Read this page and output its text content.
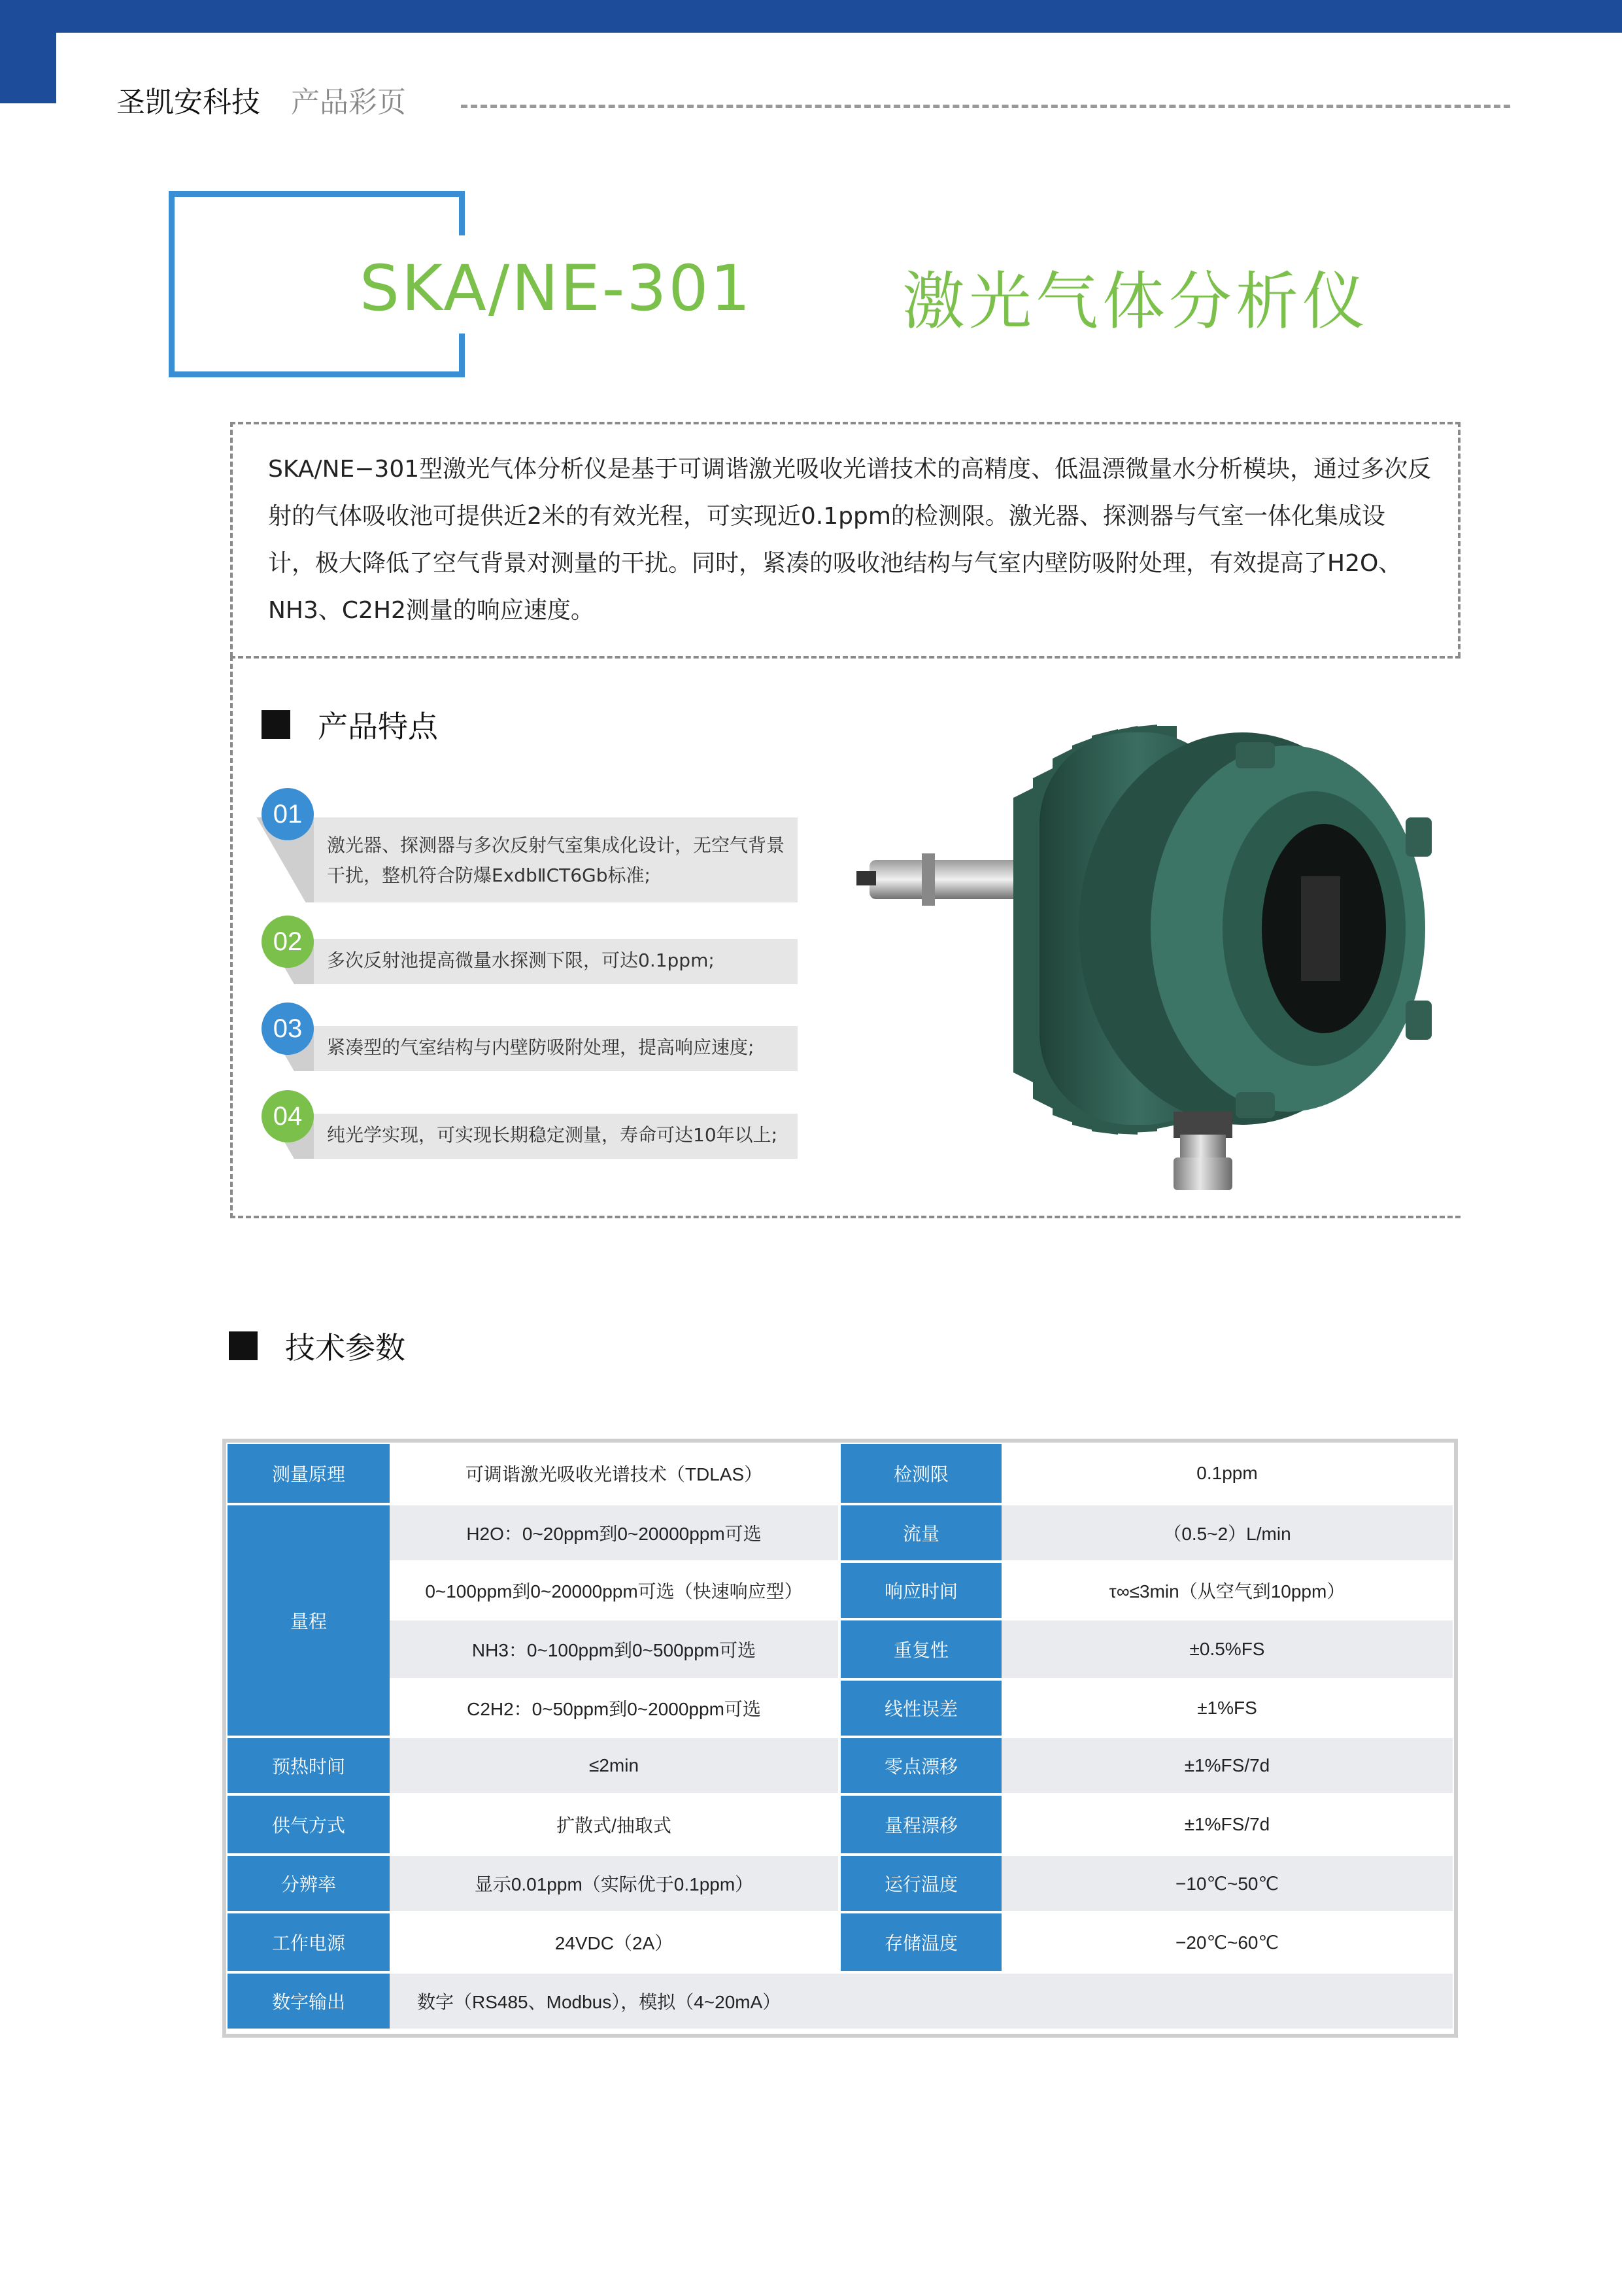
圣凯安科技 产品彩页
SKA/NE-301 激光气体分析仪
SKA/NE−301型激光气体分析仪是基于可调谐激光吸收光谱技术的高精度、低温漂微量水分析模块，通过多次反射的气体吸收池可提供近2米的有效光程，可实现近0.1ppm的检测限。激光器、探测器与气室一体化集成设计，极大降低了空气背景对测量的干扰。同时，紧凑的吸收池结构与气室内壁防吸附处理，有效提高了H2O、NH3、C2H2测量的响应速度。
产品特点
01
激光器、探测器与多次反射气室集成化设计，无空气背景干扰，整机符合防爆ExdbⅡCT6Gb标准;
02
多次反射池提高微量水探测下限，可达0.1ppm;
03
紧凑型的气室结构与内壁防吸附处理，提高响应速度;
04
纯光学实现，可实现长期稳定测量，寿命可达10年以上;
技术参数
测量原理	可调谐激光吸收光谱技术（TDLAS）	检测限	0.1ppm
量程	H2O：0~20ppm到0~20000ppm可选	流量	（0.5~2）L/min
	0~100ppm到0~20000ppm可选（快速响应型）	响应时间	τ∞≤3min（从空气到10ppm）
	NH3：0~100ppm到0~500ppm可选	重复性	±0.5%FS
	C2H2：0~50ppm到0~2000ppm可选	线性误差	±1%FS
预热时间	≤2min	零点漂移	±1%FS/7d
供气方式	扩散式/抽取式	量程漂移	±1%FS/7d
分辨率	显示0.01ppm（实际优于0.1ppm）	运行温度	−10℃~50℃
工作电源	24VDC（2A）	存储温度	−20℃~60℃
数字输出	数字（RS485、Modbus），模拟（4~20mA）		
